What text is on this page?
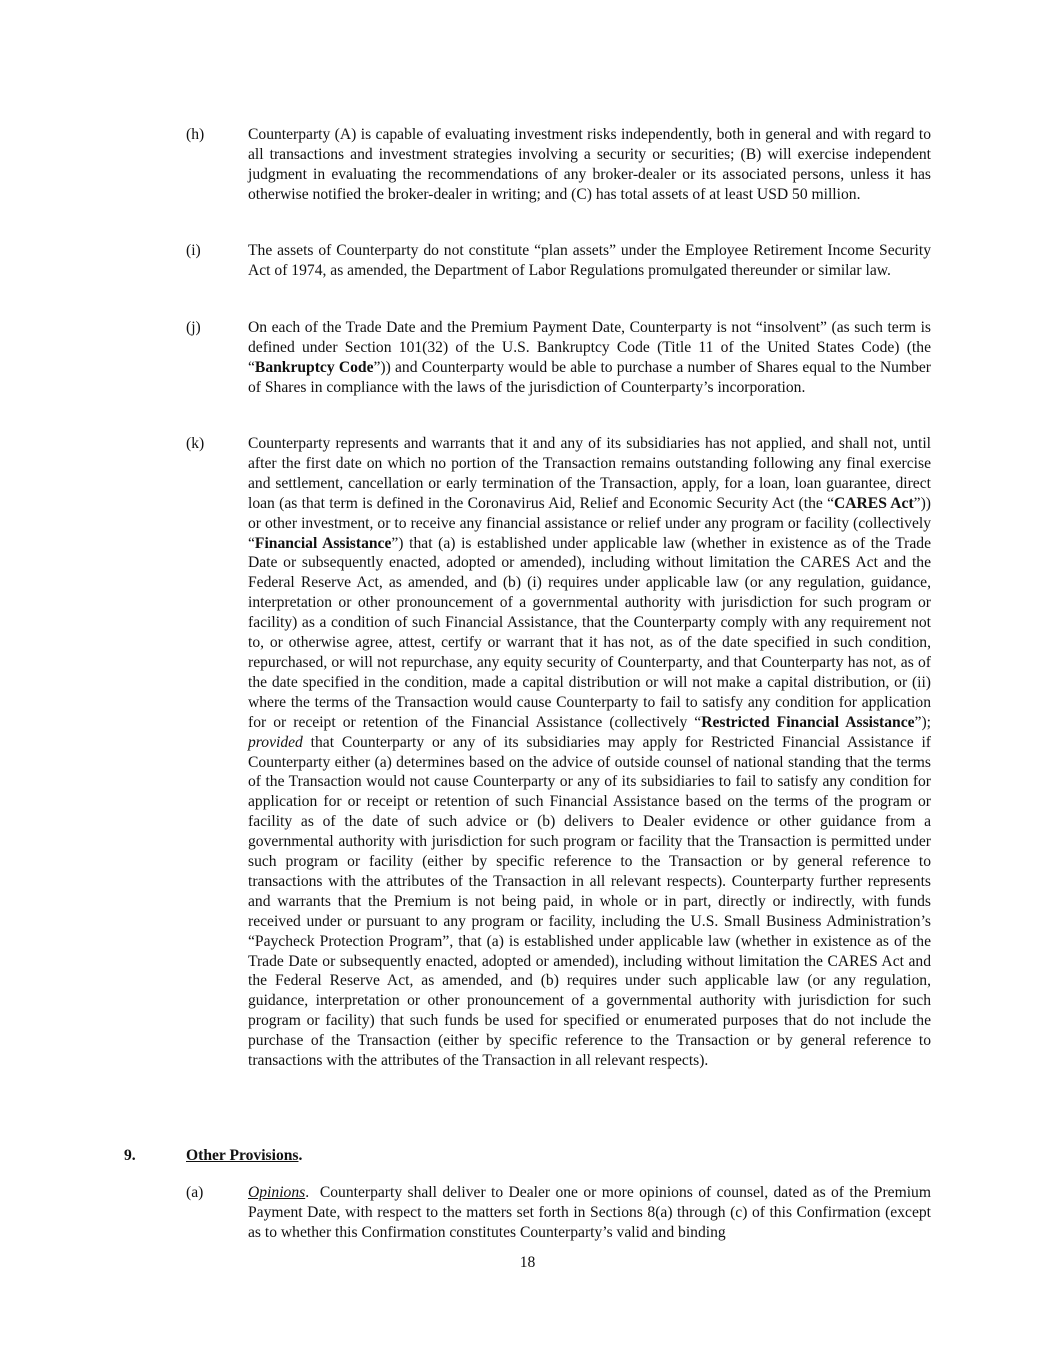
(h)	Counterparty (A) is capable of evaluating investment risks independently, both in general and with regard to all transactions and investment strategies involving a security or securities; (B) will exercise independent judgment in evaluating the recommendations of any broker-dealer or its associated persons, unless it has otherwise notified the broker-dealer in writing; and (C) has total assets of at least USD 50 million.
(i)	The assets of Counterparty do not constitute “plan assets” under the Employee Retirement Income Security Act of 1974, as amended, the Department of Labor Regulations promulgated thereunder or similar law.
(j)	On each of the Trade Date and the Premium Payment Date, Counterparty is not “insolvent” (as such term is defined under Section 101(32) of the U.S. Bankruptcy Code (Title 11 of the United States Code) (the “Bankruptcy Code”)) and Counterparty would be able to purchase a number of Shares equal to the Number of Shares in compliance with the laws of the jurisdiction of Counterparty’s incorporation.
(k)	Counterparty represents and warrants that it and any of its subsidiaries has not applied, and shall not, until after the first date on which no portion of the Transaction remains outstanding following any final exercise and settlement, cancellation or early termination of the Transaction, apply, for a loan, loan guarantee, direct loan (as that term is defined in the Coronavirus Aid, Relief and Economic Security Act (the “CARES Act”)) or other investment, or to receive any financial assistance or relief under any program or facility (collectively “Financial Assistance”) that (a) is established under applicable law (whether in existence as of the Trade Date or subsequently enacted, adopted or amended), including without limitation the CARES Act and the Federal Reserve Act, as amended, and (b) (i) requires under applicable law (or any regulation, guidance, interpretation or other pronouncement of a governmental authority with jurisdiction for such program or facility) as a condition of such Financial Assistance, that the Counterparty comply with any requirement not to, or otherwise agree, attest, certify or warrant that it has not, as of the date specified in such condition, repurchased, or will not repurchase, any equity security of Counterparty, and that Counterparty has not, as of the date specified in the condition, made a capital distribution or will not make a capital distribution, or (ii) where the terms of the Transaction would cause Counterparty to fail to satisfy any condition for application for or receipt or retention of the Financial Assistance (collectively “Restricted Financial Assistance”); provided that Counterparty or any of its subsidiaries may apply for Restricted Financial Assistance if Counterparty either (a) determines based on the advice of outside counsel of national standing that the terms of the Transaction would not cause Counterparty or any of its subsidiaries to fail to satisfy any condition for application for or receipt or retention of such Financial Assistance based on the terms of the program or facility as of the date of such advice or (b) delivers to Dealer evidence or other guidance from a governmental authority with jurisdiction for such program or facility that the Transaction is permitted under such program or facility (either by specific reference to the Transaction or by general reference to transactions with the attributes of the Transaction in all relevant respects). Counterparty further represents and warrants that the Premium is not being paid, in whole or in part, directly or indirectly, with funds received under or pursuant to any program or facility, including the U.S. Small Business Administration’s “Paycheck Protection Program”, that (a) is established under applicable law (whether in existence as of the Trade Date or subsequently enacted, adopted or amended), including without limitation the CARES Act and the Federal Reserve Act, as amended, and (b) requires under such applicable law (or any regulation, guidance, interpretation or other pronouncement of a governmental authority with jurisdiction for such program or facility) that such funds be used for specified or enumerated purposes that do not include the purchase of the Transaction (either by specific reference to the Transaction or by general reference to transactions with the attributes of the Transaction in all relevant respects).
9.	Other Provisions.
(a)	Opinions.  Counterparty shall deliver to Dealer one or more opinions of counsel, dated as of the Premium Payment Date, with respect to the matters set forth in Sections 8(a) through (c) of this Confirmation (except as to whether this Confirmation constitutes Counterparty’s valid and binding
18
